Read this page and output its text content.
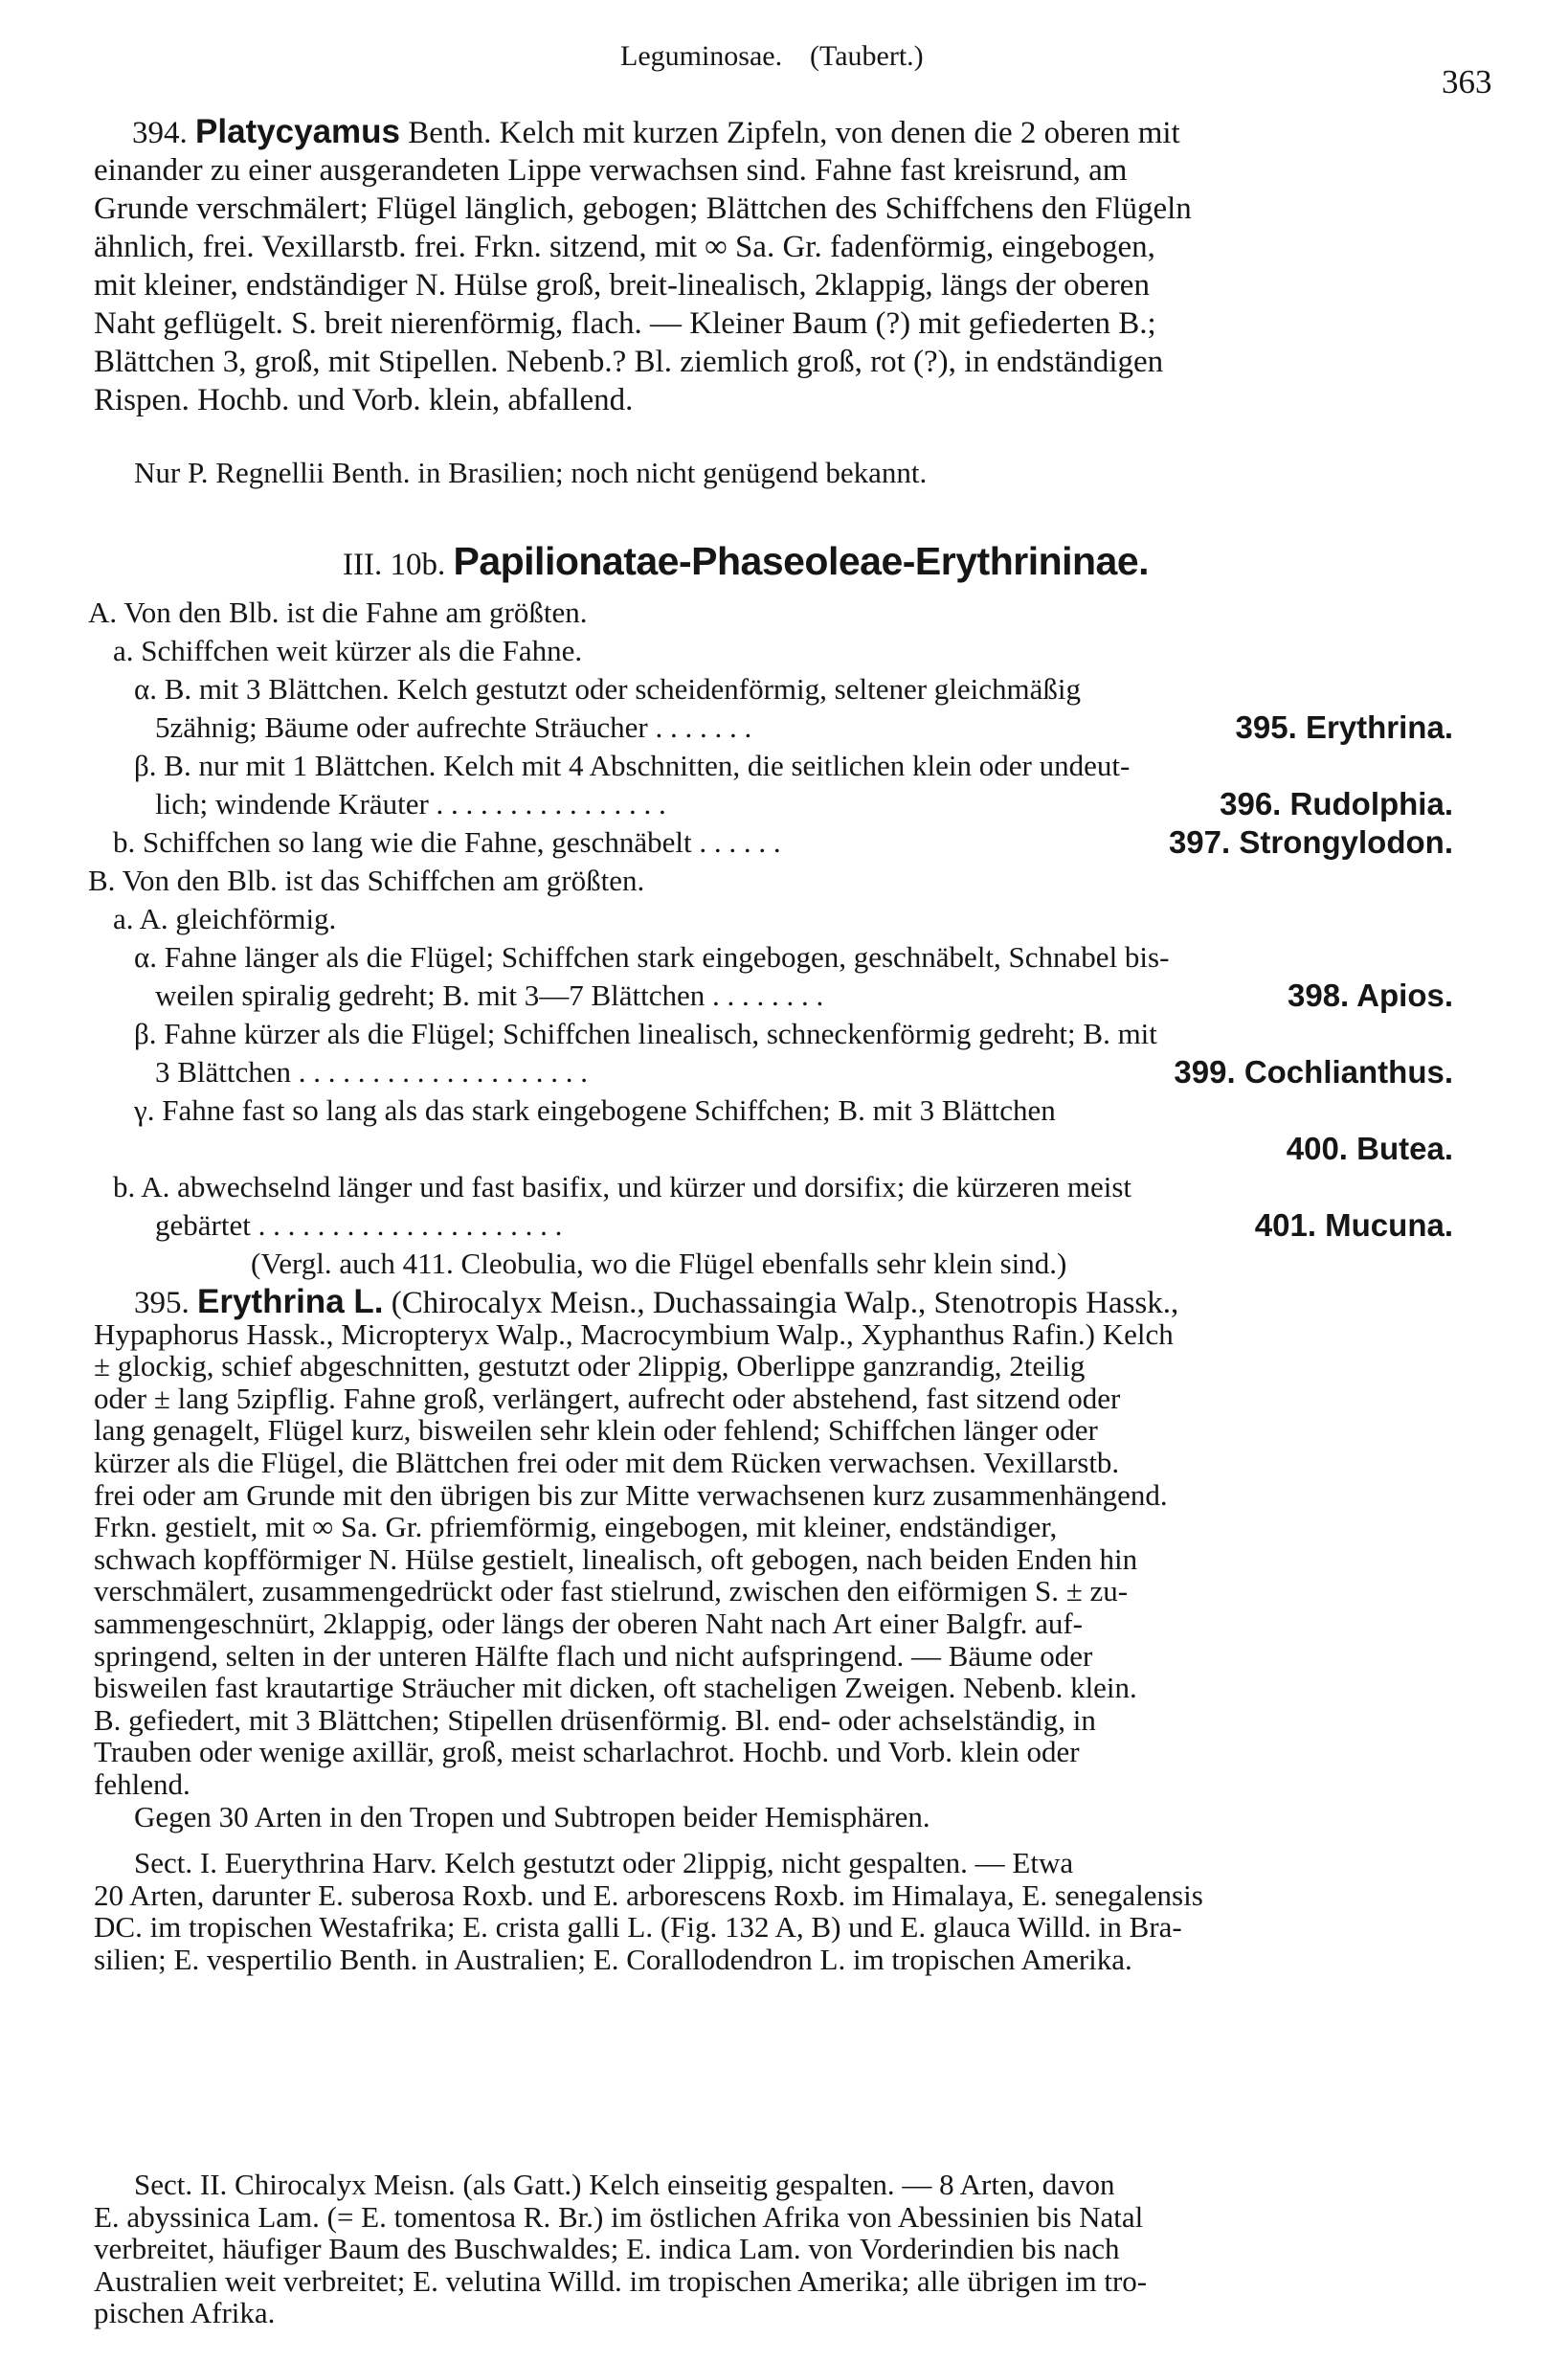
Leguminosae. (Taubert.)
363
394. Platycyamus Benth. Kelch mit kurzen Zipfeln, von denen die 2 oberen mit
einander zu einer ausgerandeten Lippe verwachsen sind. Fahne fast kreisrund, am
Grunde verschmälert; Flügel länglich, gebogen; Blättchen des Schiffchens den Flügeln
ähnlich, frei. Vexillarstb. frei. Frkn. sitzend, mit ∞ Sa. Gr. fadenförmig, eingebogen,
mit kleiner, endständiger N. Hülse groß, breit-linealisch, 2klappig, längs der oberen
Naht geflügelt. S. breit nierenförmig, flach. — Kleiner Baum (?) mit gefiederten B.;
Blättchen 3, groß, mit Stipellen. Nebenb.? Bl. ziemlich groß, rot (?), in endständigen
Rispen. Hochb. und Vorb. klein, abfallend.
Nur P. Regnellii Benth. in Brasilien; noch nicht genügend bekannt.
III. 10b. Papilionatae-Phaseoleae-Erythrininae.
A. Von den Blb. ist die Fahne am größten.
a. Schiffchen weit kürzer als die Fahne.
α. B. mit 3 Blättchen. Kelch gestutzt oder scheidenförmig, seltener gleichmäßig
5zähnig; Bäume oder aufrechte Sträucher . . . . . . .	395. Erythrina.
β. B. nur mit 1 Blättchen. Kelch mit 4 Abschnitten, die seitlichen klein oder undeut-
lich; windende Kräuter . . . . . . . . . . . . . . . .	396. Rudolphia.
b. Schiffchen so lang wie die Fahne, geschnäbelt . . . . . .	397. Strongylodon.
B. Von den Blb. ist das Schiffchen am größten.
a. A. gleichförmig.
α. Fahne länger als die Flügel; Schiffchen stark eingebogen, geschnäbelt, Schnabel bis-
weilen spiralig gedreht; B. mit 3—7 Blättchen . . . . . . . .	398. Apios.
β. Fahne kürzer als die Flügel; Schiffchen linealisch, schneckenförmig gedreht; B. mit
3 Blättchen . . . . . . . . . . . . . . . . . . . .	399. Cochlianthus.
γ. Fahne fast so lang als das stark eingebogene Schiffchen; B. mit 3 Blättchen
400. Butea.
b. A. abwechselnd länger und fast basifix, und kürzer und dorsifix; die kürzeren meist
gebärtet . . . . . . . . . . . . . . . . . . . . .	401. Mucuna.
(Vergl. auch 411. Cleobulia, wo die Flügel ebenfalls sehr klein sind.)
395. Erythrina L. (Chirocalyx Meisn., Duchassaingia Walp., Stenotropis Hassk.,
Hypaphorus Hassk., Micropteryx Walp., Macrocymbium Walp., Xyphanthus Rafin.) Kelch
± glockig, schief abgeschnitten, gestutzt oder 2lippig, Oberlippe ganzrandig, 2teilig
oder ± lang 5zipflig. Fahne groß, verlängert, aufrecht oder abstehend, fast sitzend oder
lang genagelt, Flügel kurz, bisweilen sehr klein oder fehlend; Schiffchen länger oder
kürzer als die Flügel, die Blättchen frei oder mit dem Rücken verwachsen. Vexillarstb.
frei oder am Grunde mit den übrigen bis zur Mitte verwachsenen kurz zusammenhängend.
Frkn. gestielt, mit ∞ Sa. Gr. pfriemförmig, eingebogen, mit kleiner, endständiger,
schwach kopfförmiger N. Hülse gestielt, linealisch, oft gebogen, nach beiden Enden hin
verschmälert, zusammengedrückt oder fast stielrund, zwischen den eiförmigen S. ± zu-
sammengeschnürt, 2klappig, oder längs der oberen Naht nach Art einer Balgfr. auf-
springend, selten in der unteren Hälfte flach und nicht aufspringend. — Bäume oder
bisweilen fast krautartige Sträucher mit dicken, oft stacheligen Zweigen. Nebenb. klein.
B. gefiedert, mit 3 Blättchen; Stipellen drüsenförmig. Bl. end- oder achselständig, in
Trauben oder wenige axillär, groß, meist scharlachrot. Hochb. und Vorb. klein oder
fehlend.
Gegen 30 Arten in den Tropen und Subtropen beider Hemisphären.
Sect. I. Euerythrina Harv. Kelch gestutzt oder 2lippig, nicht gespalten. — Etwa
20 Arten, darunter E. suberosa Roxb. und E. arborescens Roxb. im Himalaya, E. senegalensis
DC. im tropischen Westafrika; E. crista galli L. (Fig. 132 A, B) und E. glauca Willd. in Bra-
silien; E. vespertilio Benth. in Australien; E. Corallodendron L. im tropischen Amerika.
Sect. II. Chirocalyx Meisn. (als Gatt.) Kelch einseitig gespalten. — 8 Arten, davon
E. abyssinica Lam. (= E. tomentosa R. Br.) im östlichen Afrika von Abessinien bis Natal
verbreitet, häufiger Baum des Buschwaldes; E. indica Lam. von Vorderindien bis nach
Australien weit verbreitet; E. velutina Willd. im tropischen Amerika; alle übrigen im tro-
pischen Afrika.
